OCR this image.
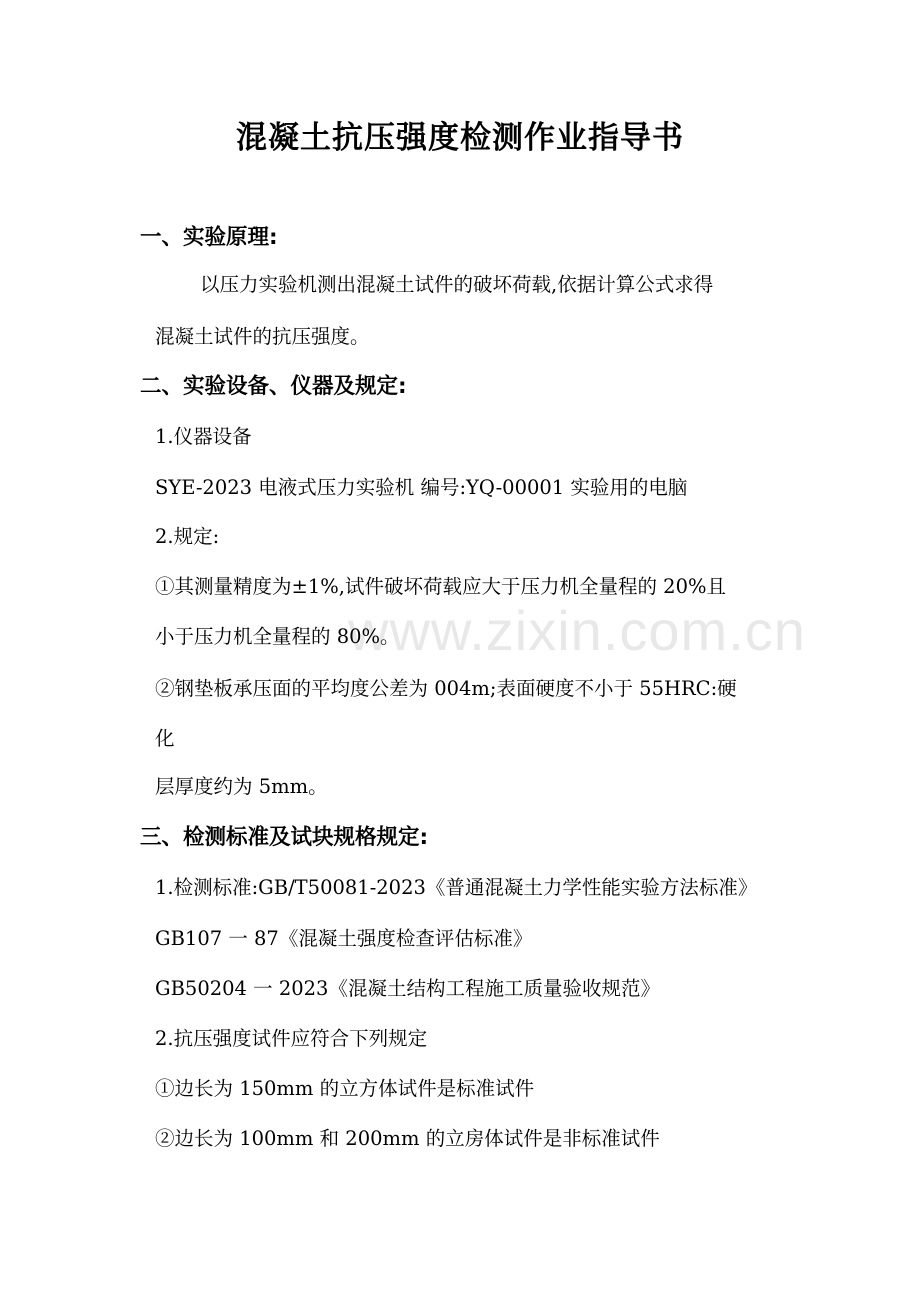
www.zixin.com.cn
混凝土抗压强度检测作业指导书
一、实验原理:
以压力实验机测出混凝土试件的破坏荷载,依据计算公式求得
混凝土试件的抗压强度。
二、实验设备、仪器及规定:
1.仪器设备
SYE-2023 电液式压力实验机 编号:YQ-00001 实验用的电脑
2.规定:
①其测量精度为±1%,试件破坏荷载应大于压力机全量程的 20%且
小于压力机全量程的 80%。
②钢垫板承压面的平均度公差为 004m;表面硬度不小于 55HRC:硬
化
层厚度约为 5mm。
三、检测标准及试块规格规定:
1.检测标准:GB/T50081-2023《普通混凝土力学性能实验方法标准》
GB107 一 87《混凝土强度检查评估标准》
GB50204 一 2023《混凝土结构工程施工质量验收规范》
2.抗压强度试件应符合下列规定
①边长为 150mm 的立方体试件是标准试件
②边长为 100mm 和 200mm 的立房体试件是非标准试件
